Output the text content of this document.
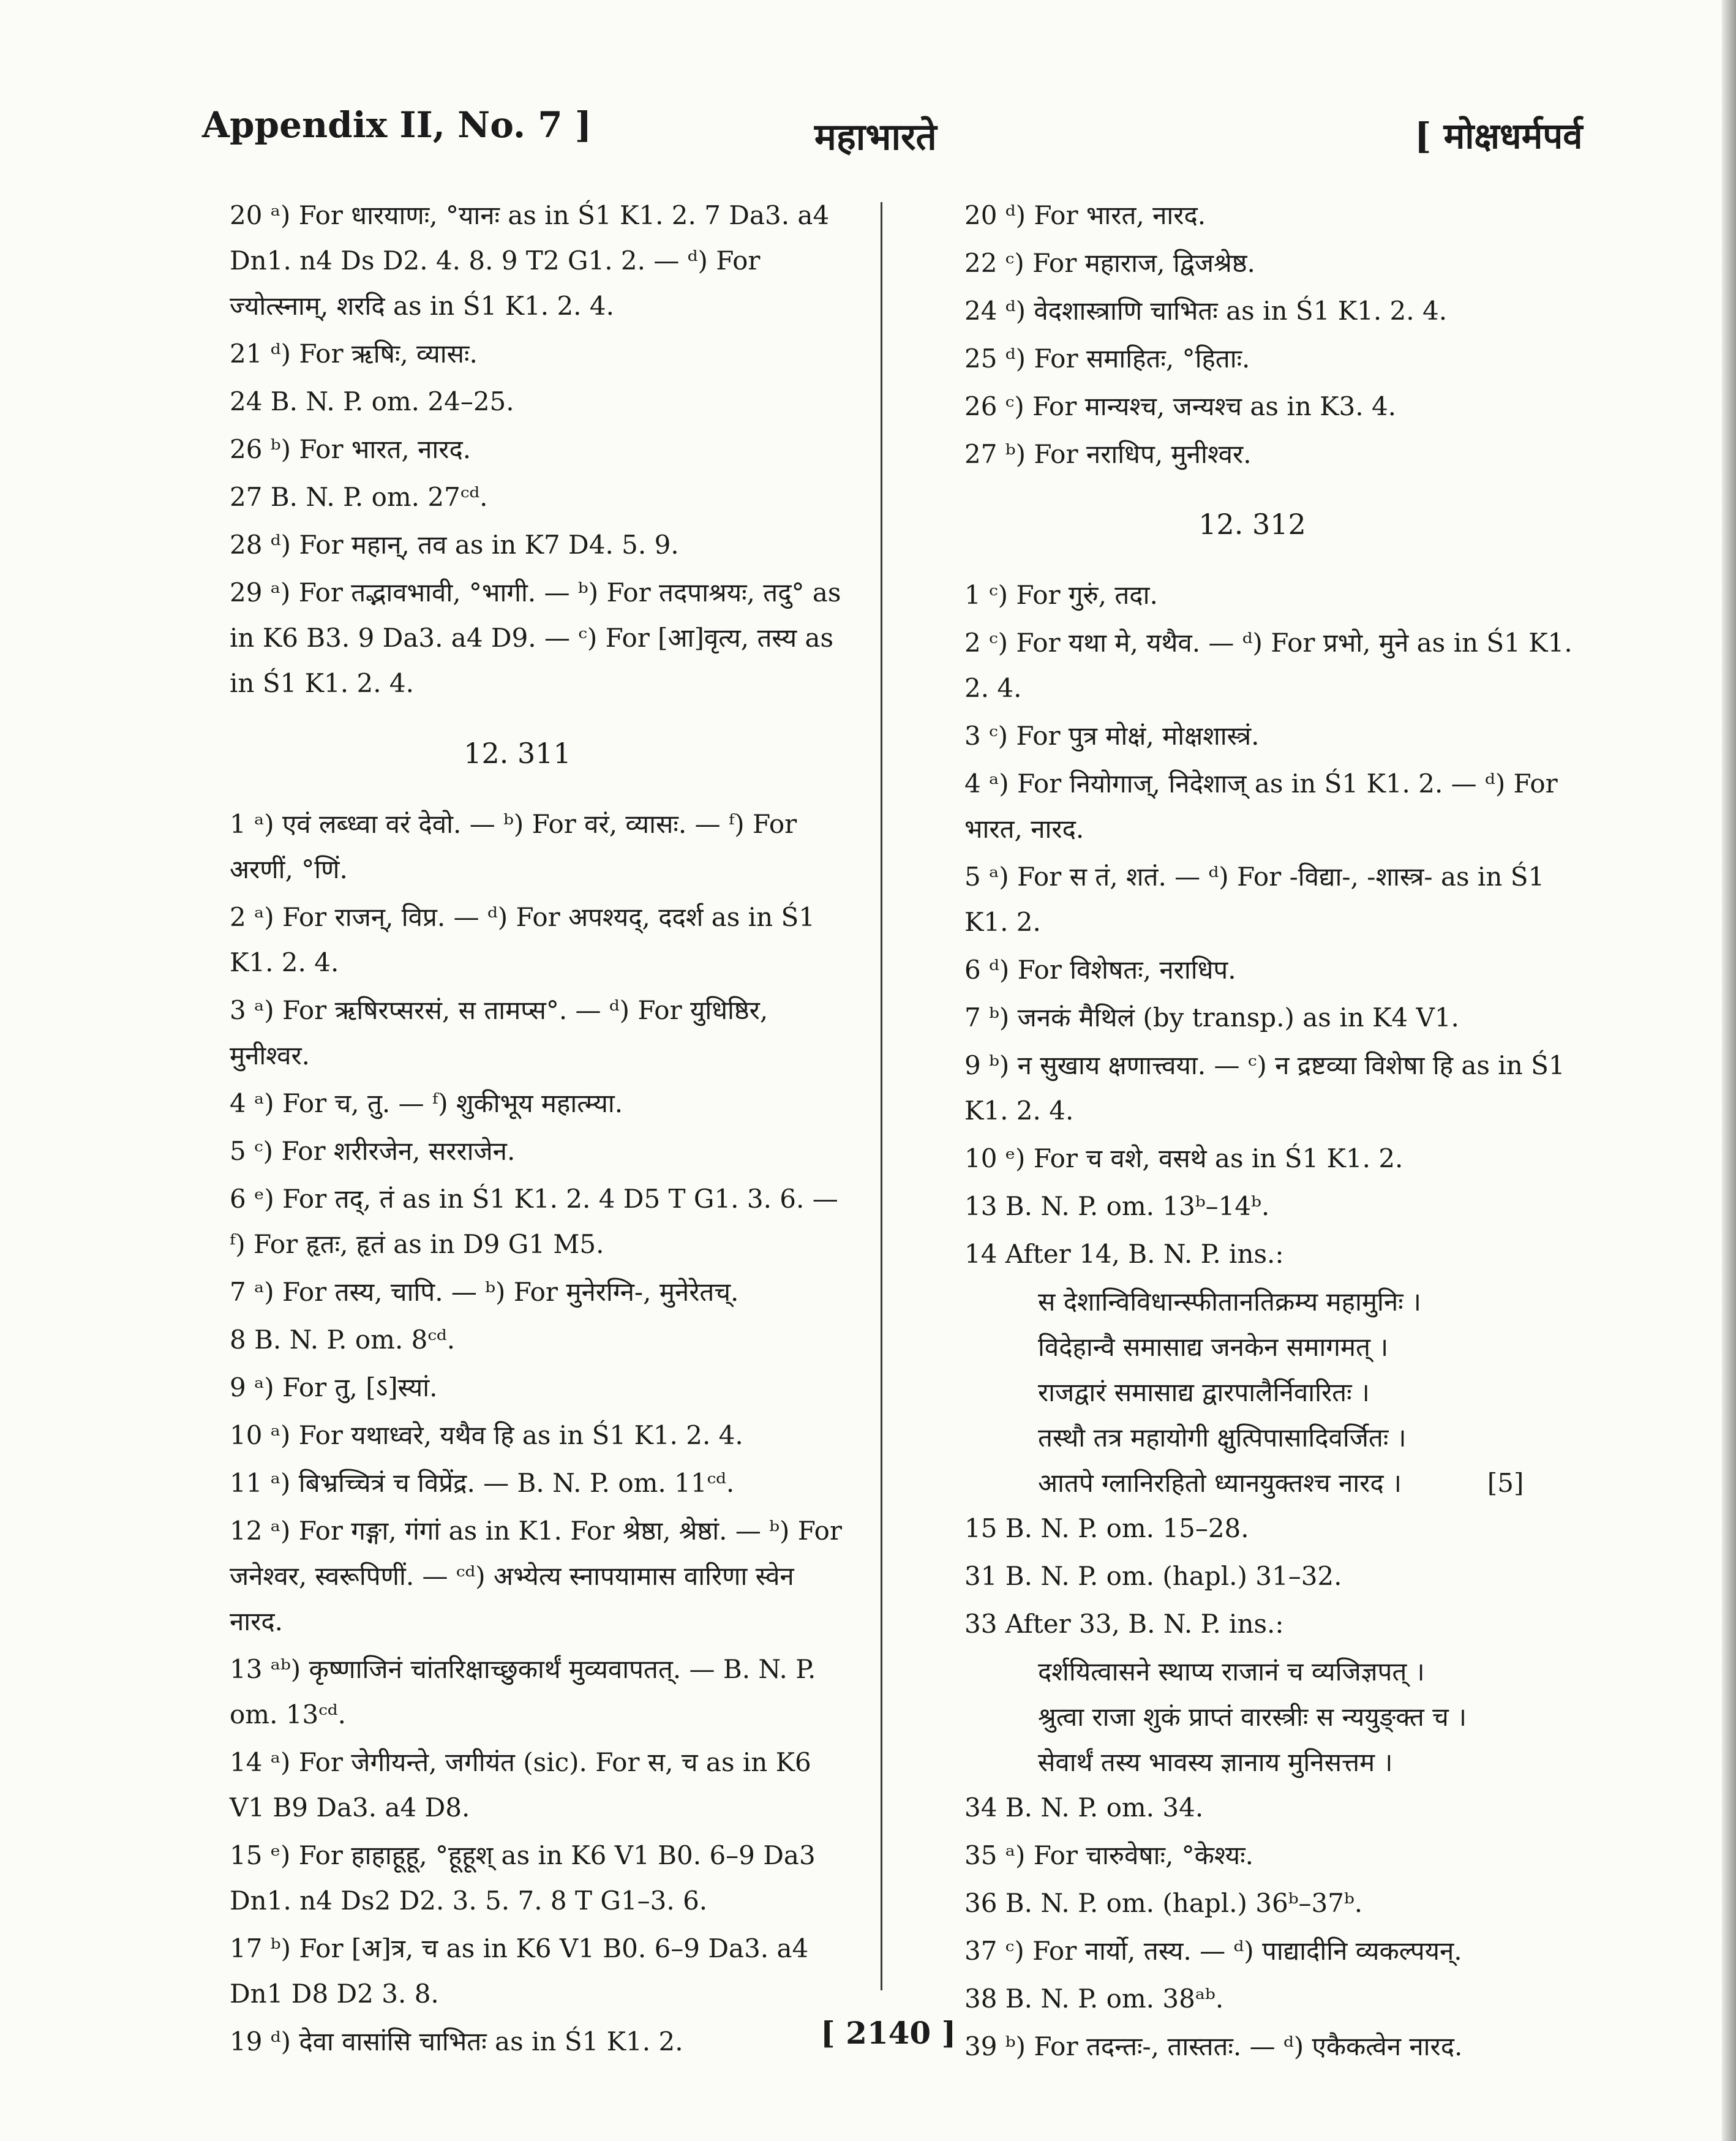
Appendix II, No. 7 ]	महाभारते	[ मोक्षधर्मपर्व
20 ᵃ) For धारयाणः, °यानः as in Ś1 K1. 2. 7 Da3. a4 Dn1. n4 Ds D2. 4. 8. 9 T2 G1. 2. — ᵈ) For ज्योत्स्नाम्, शरदि as in Ś1 K1. 2. 4.
21 ᵈ) For ऋषिः, व्यासः.
24 B. N. P. om. 24–25.
26 ᵇ) For भारत, नारद.
27 B. N. P. om. 27ᶜᵈ.
28 ᵈ) For महान्, तव as in K7 D4. 5. 9.
29 ᵃ) For तद्भावभावी, °भागी. — ᵇ) For तदपाश्रयः, तदु° as in K6 B3. 9 Da3. a4 D9. — ᶜ) For [आ]वृत्य, तस्य as in Ś1 K1. 2. 4.
12. 311
1 ᵃ) एवं लब्ध्वा वरं देवो. — ᵇ) For वरं, व्यासः. — ᶠ) For अरणीं, °णिं.
2 ᵃ) For राजन्, विप्र. — ᵈ) For अपश्यद्, ददर्श as in Ś1 K1. 2. 4.
3 ᵃ) For ऋषिरप्सरसं, स तामप्स°. — ᵈ) For युधिष्ठिर, मुनीश्वर.
4 ᵃ) For च, तु. — ᶠ) शुकीभूय महात्म्या.
5 ᶜ) For शरीरजेन, सरराजेन.
6 ᵉ) For तद्, तं as in Ś1 K1. 2. 4 D5 T G1. 3. 6. — ᶠ) For हृतः, हृतं as in D9 G1 M5.
7 ᵃ) For तस्य, चापि. — ᵇ) For मुनेरग्नि-, मुनेरेतच्.
8 B. N. P. om. 8ᶜᵈ.
9 ᵃ) For तु, [ऽ]स्यां.
10 ᵃ) For यथाध्वरे, यथैव हि as in Ś1 K1. 2. 4.
11 ᵃ) बिभ्रच्चित्रं च विप्रेंद्र. — B. N. P. om. 11ᶜᵈ.
12 ᵃ) For गङ्गा, गंगां as in K1. For श्रेष्ठा, श्रेष्ठां. — ᵇ) For जनेश्वर, स्वरूपिणीं. — ᶜᵈ) अभ्येत्य स्नापयामास वारिणा स्वेन नारद.
13 ᵃᵇ) कृष्णाजिनं चांतरिक्षाच्छुकार्थं मुव्यवापतत्. — B. N. P. om. 13ᶜᵈ.
14 ᵃ) For जेगीयन्ते, जगीयंत (sic). For स, च as in K6 V1 B9 Da3. a4 D8.
15 ᵉ) For हाहाहूहू, °हूहूश् as in K6 V1 B0. 6–9 Da3 Dn1. n4 Ds2 D2. 3. 5. 7. 8 T G1–3. 6.
17 ᵇ) For [अ]त्र, च as in K6 V1 B0. 6–9 Da3. a4 Dn1 D8 D2 3. 8.
19 ᵈ) देवा वासांसि चाभितः as in Ś1 K1. 2.
20 ᵈ) For भारत, नारद.
22 ᶜ) For महाराज, द्विजश्रेष्ठ.
24 ᵈ) वेदशास्त्राणि चाभितः as in Ś1 K1. 2. 4.
25 ᵈ) For समाहितः, °हिताः.
26 ᶜ) For मान्यश्च, जन्यश्च as in K3. 4.
27 ᵇ) For नराधिप, मुनीश्वर.
12. 312
1 ᶜ) For गुरुं, तदा.
2 ᶜ) For यथा मे, यथैव. — ᵈ) For प्रभो, मुने as in Ś1 K1. 2. 4.
3 ᶜ) For पुत्र मोक्षं, मोक्षशास्त्रं.
4 ᵃ) For नियोगाज्, निदेशाज् as in Ś1 K1. 2. — ᵈ) For भारत, नारद.
5 ᵃ) For स तं, शतं. — ᵈ) For -विद्या-, -शास्त्र- as in Ś1 K1. 2.
6 ᵈ) For विशेषतः, नराधिप.
7 ᵇ) जनकं मैथिलं (by transp.) as in K4 V1.
9 ᵇ) न सुखाय क्षणात्त्वया. — ᶜ) न द्रष्टव्या विशेषा हि as in Ś1 K1. 2. 4.
10 ᵉ) For च वशे, वसथे as in Ś1 K1. 2.
13 B. N. P. om. 13ᵇ–14ᵇ.
14 After 14, B. N. P. ins.:
स देशान्विविधान्स्फीतानतिक्रम्य महामुनिः ।
विदेहान्वै समासाद्य जनकेन समागमत् ।
राजद्वारं समासाद्य द्वारपालैर्निवारितः ।
तस्थौ तत्र महायोगी क्षुत्पिपासादिवर्जितः ।
आतपे ग्लानिरहितो ध्यानयुक्तश्च नारद ।	[5]
15 B. N. P. om. 15–28.
31 B. N. P. om. (hapl.) 31–32.
33 After 33, B. N. P. ins.:
दर्शयित्वासने स्थाप्य राजानं च व्यजिज्ञपत् ।
श्रुत्वा राजा शुकं प्राप्तं वारस्त्रीः स न्ययुङ्क्त च ।
सेवार्थं तस्य भावस्य ज्ञानाय मुनिसत्तम ।
34 B. N. P. om. 34.
35 ᵃ) For चारुवेषाः, °केश्यः.
36 B. N. P. om. (hapl.) 36ᵇ–37ᵇ.
37 ᶜ) For नार्यो, तस्य. — ᵈ) पाद्यादीनि व्यकल्पयन्.
38 B. N. P. om. 38ᵃᵇ.
39 ᵇ) For तदन्तः-, तास्ततः. — ᵈ) एकैकत्वेन नारद.
[ 2140 ]
